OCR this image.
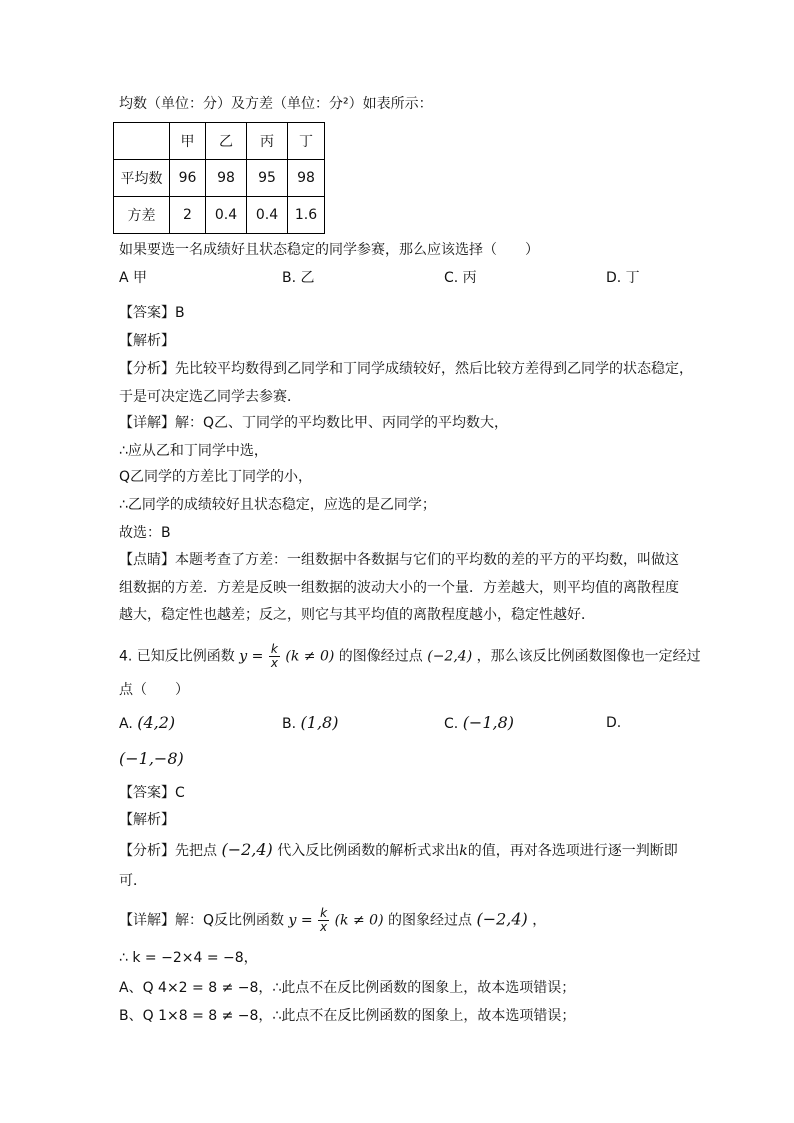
均数（单位：分）及方差（单位：分²）如表所示：
	甲	乙	丙	丁
平均数	96	98	95	98
方差	2	0.4	0.4	1.6
如果要选一名成绩好且状态稳定的同学参赛，那么应该选择（　　）
A 甲	B. 乙	C. 丙	D. 丁
【答案】B
【解析】
【分析】先比较平均数得到乙同学和丁同学成绩较好，然后比较方差得到乙同学的状态稳定，
于是可决定选乙同学去参赛．
【详解】解：Q乙、丁同学的平均数比甲、丙同学的平均数大，
∴应从乙和丁同学中选，
Q乙同学的方差比丁同学的小，
∴乙同学的成绩较好且状态稳定，应选的是乙同学；
故选：B
【点睛】本题考查了方差：一组数据中各数据与它们的平均数的差的平方的平均数，叫做这
组数据的方差．方差是反映一组数据的波动大小的一个量．方差越大，则平均值的离散程度
越大，稳定性也越差；反之，则它与其平均值的离散程度越小，稳定性越好．
4. 已知反比例函数 $y = \frac{k}{x} (k \ne 0)$ 的图像经过点 (−2,4) ，那么该反比例函数图像也一定经过
点（　　）
A. (4,2)	B. (1,8)	C. (−1,8)	D.
(−1,−8)
【答案】C
【解析】
【分析】先把点 (−2,4) 代入反比例函数的解析式求出k的值，再对各选项进行逐一判断即
可．
【详解】解：Q反比例函数 $y = \frac{k}{x} (k \ne 0)$ 的图象经过点 (−2,4) ，
∴ k = −2×4 = −8，
A、Q 4×2 = 8 ≠ −8，∴此点不在反比例函数的图象上，故本选项错误；
B、Q 1×8 = 8 ≠ −8，∴此点不在反比例函数的图象上，故本选项错误；
